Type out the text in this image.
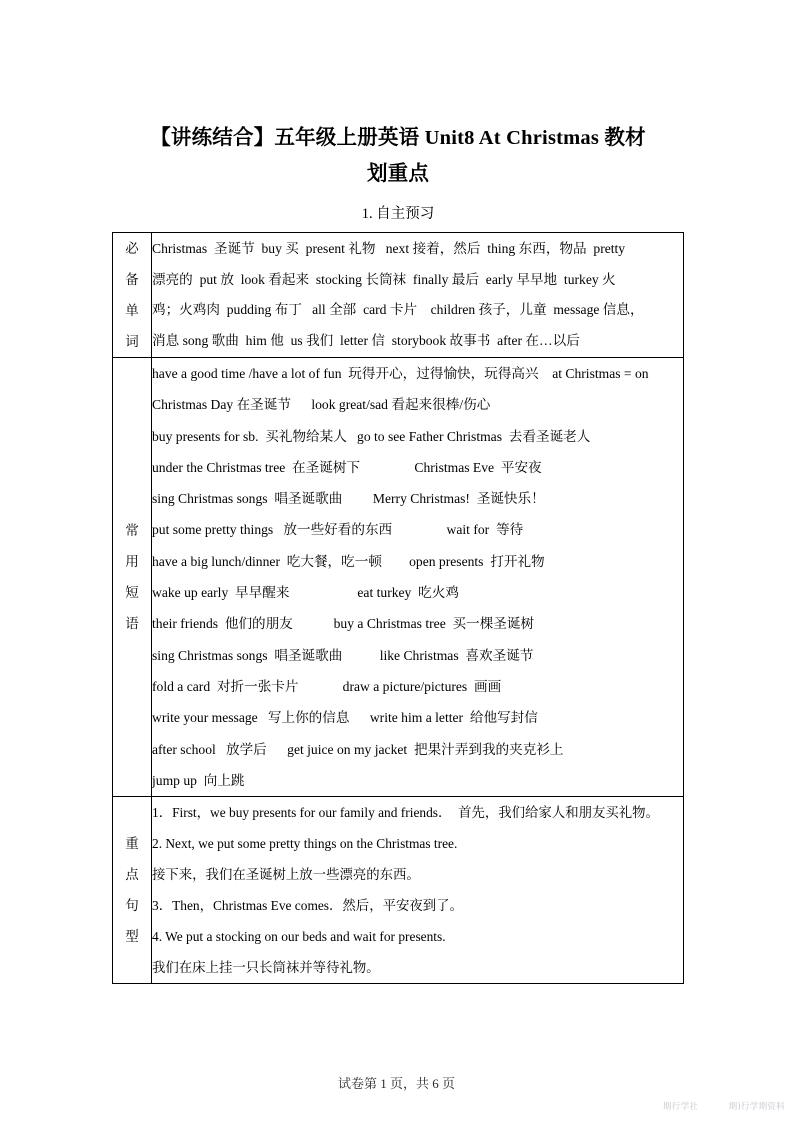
【讲练结合】五年级上册英语 Unit8 At Christmas 教材
划重点
1. 自主预习
必
备
单
词

Christmas  圣诞节  buy 买  present 礼物   next 接着，然后  thing 东西，物品  pretty
漂亮的  put 放  look 看起来  stocking 长筒袜  finally 最后  early 早早地  turkey 火
鸡；火鸡肉  pudding 布丁   all 全部  card 卡片    children 孩子，儿童  message 信息，
消息 song 歌曲  him 他  us 我们  letter 信  storybook 故事书  after 在…以后

常
用
短
语

have a good time /have a lot of fun  玩得开心，过得愉快，玩得高兴    at Christmas = on
Christmas Day 在圣诞节      look great/sad 看起来很棒/伤心
buy presents for sb.  买礼物给某人   go to see Father Christmas  去看圣诞老人
under the Christmas tree  在圣诞树下                Christmas Eve  平安夜
sing Christmas songs  唱圣诞歌曲         Merry Christmas!  圣诞快乐！
put some pretty things   放一些好看的东西                wait for  等待
have a big lunch/dinner  吃大餐，吃一顿        open presents  打开礼物
wake up early  早早醒来                    eat turkey  吃火鸡
their friends  他们的朋友            buy a Christmas tree  买一棵圣诞树
sing Christmas songs  唱圣诞歌曲           like Christmas  喜欢圣诞节
fold a card  对折一张卡片             draw a picture/pictures  画画
write your message   写上你的信息      write him a letter  给他写封信
after school   放学后      get juice on my jacket  把果汁弄到我的夹克衫上
jump up  向上跳

重
点
句
型

1．First，we buy presents for our family and friends．  首先，我们给家人和朋友买礼物。
2. Next, we put some pretty things on the Christmas tree.
接下来，我们在圣诞树上放一些漂亮的东西。
3．Then，Christmas Eve comes．然后，平安夜到了。
4. We put a stocking on our beds and wait for presents.
我们在床上挂一只长筒袜并等待礼物。
试卷第 1 页，共 6 页
期行学社	期)行学期资料
